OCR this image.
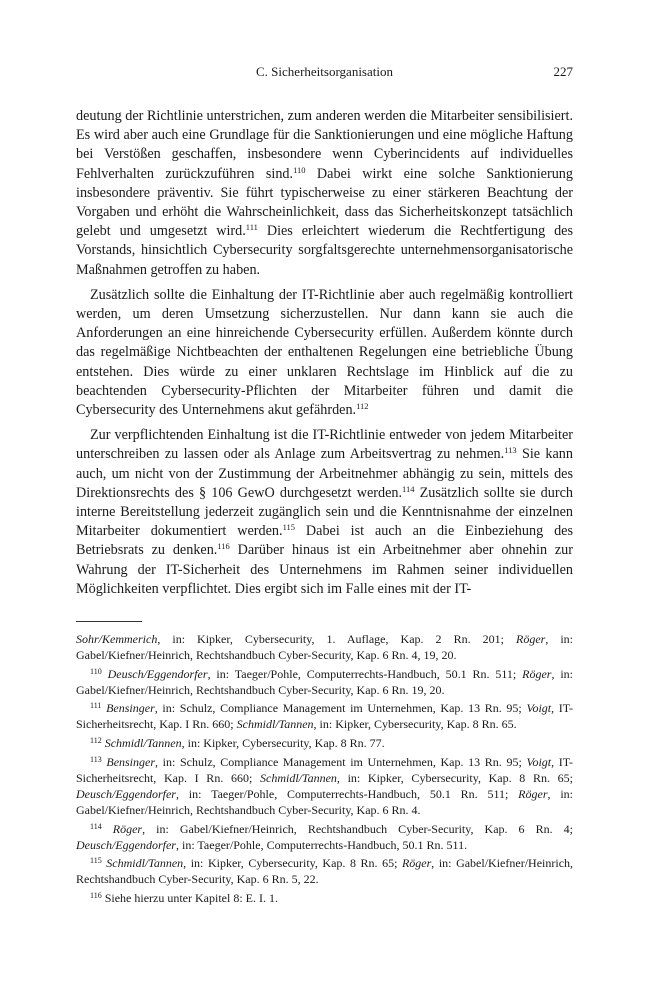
C. Sicherheitsorganisation	227

deutung der Richtlinie unterstrichen, zum anderen werden die Mitarbeiter sensibilisiert. Es wird aber auch eine Grundlage für die Sanktionierungen und eine mögliche Haftung bei Verstößen geschaffen, insbesondere wenn Cyberincidents auf individuelles Fehlverhalten zurückzuführen sind.$^{110}$ Dabei wirkt eine solche Sanktionierung insbesondere präventiv. Sie führt typischerweise zu einer stärkeren Beachtung der Vorgaben und erhöht die Wahrscheinlichkeit, dass das Sicherheitskonzept tatsächlich gelebt und umgesetzt wird.$^{111}$ Dies erleichtert wiederum die Rechtfertigung des Vorstands, hinsichtlich Cybersecurity sorgfaltsgerechte unternehmensorganisatorische Maßnahmen getroffen zu haben.

Zusätzlich sollte die Einhaltung der IT-Richtlinie aber auch regelmäßig kontrolliert werden, um deren Umsetzung sicherzustellen. Nur dann kann sie auch die Anforderungen an eine hinreichende Cybersecurity erfüllen. Außerdem könnte durch das regelmäßige Nichtbeachten der enthaltenen Regelungen eine betriebliche Übung entstehen. Dies würde zu einer unklaren Rechtslage im Hinblick auf die zu beachtenden Cybersecurity-Pflichten der Mitarbeiter führen und damit die Cybersecurity des Unternehmens akut gefährden.$^{112}$

Zur verpflichtenden Einhaltung ist die IT-Richtlinie entweder von jedem Mitarbeiter unterschreiben zu lassen oder als Anlage zum Arbeitsvertrag zu nehmen.$^{113}$ Sie kann auch, um nicht von der Zustimmung der Arbeitnehmer abhängig zu sein, mittels des Direktionsrechts des § 106 GewO durchgesetzt werden.$^{114}$ Zusätzlich sollte sie durch interne Bereitstellung jederzeit zugänglich sein und die Kenntnisnahme der einzelnen Mitarbeiter dokumentiert werden.$^{115}$ Dabei ist auch an die Einbeziehung des Betriebsrats zu denken.$^{116}$ Darüber hinaus ist ein Arbeitnehmer aber ohnehin zur Wahrung der IT-Sicherheit des Unternehmens im Rahmen seiner individuellen Möglichkeiten verpflichtet. Dies ergibt sich im Falle eines mit der IT-

Sohr/Kemmerich, in: Kipker, Cybersecurity, 1. Auflage, Kap. 2 Rn. 201; Röger, in: Gabel/Kiefner/Heinrich, Rechtshandbuch Cyber-Security, Kap. 6 Rn. 4, 19, 20.

$^{110}$ Deusch/Eggendorfer, in: Taeger/Pohle, Computerrechts-Handbuch, 50.1 Rn. 511; Röger, in: Gabel/Kiefner/Heinrich, Rechtshandbuch Cyber-Security, Kap. 6 Rn. 19, 20.

$^{111}$ Bensinger, in: Schulz, Compliance Management im Unternehmen, Kap. 13 Rn. 95; Voigt, IT-Sicherheitsrecht, Kap. I Rn. 660; Schmidl/Tannen, in: Kipker, Cybersecurity, Kap. 8 Rn. 65.

$^{112}$ Schmidl/Tannen, in: Kipker, Cybersecurity, Kap. 8 Rn. 77.

$^{113}$ Bensinger, in: Schulz, Compliance Management im Unternehmen, Kap. 13 Rn. 95; Voigt, IT-Sicherheitsrecht, Kap. I Rn. 660; Schmidl/Tannen, in: Kipker, Cybersecurity, Kap. 8 Rn. 65; Deusch/Eggendorfer, in: Taeger/Pohle, Computerrechts-Handbuch, 50.1 Rn. 511; Röger, in: Gabel/Kiefner/Heinrich, Rechtshandbuch Cyber-Security, Kap. 6 Rn. 4.

$^{114}$ Röger, in: Gabel/Kiefner/Heinrich, Rechtshandbuch Cyber-Security, Kap. 6 Rn. 4; Deusch/Eggendorfer, in: Taeger/Pohle, Computerrechts-Handbuch, 50.1 Rn. 511.

$^{115}$ Schmidl/Tannen, in: Kipker, Cybersecurity, Kap. 8 Rn. 65; Röger, in: Gabel/Kiefner/Heinrich, Rechtshandbuch Cyber-Security, Kap. 6 Rn. 5, 22.

$^{116}$ Siehe hierzu unter Kapitel 8: E. I. 1.
